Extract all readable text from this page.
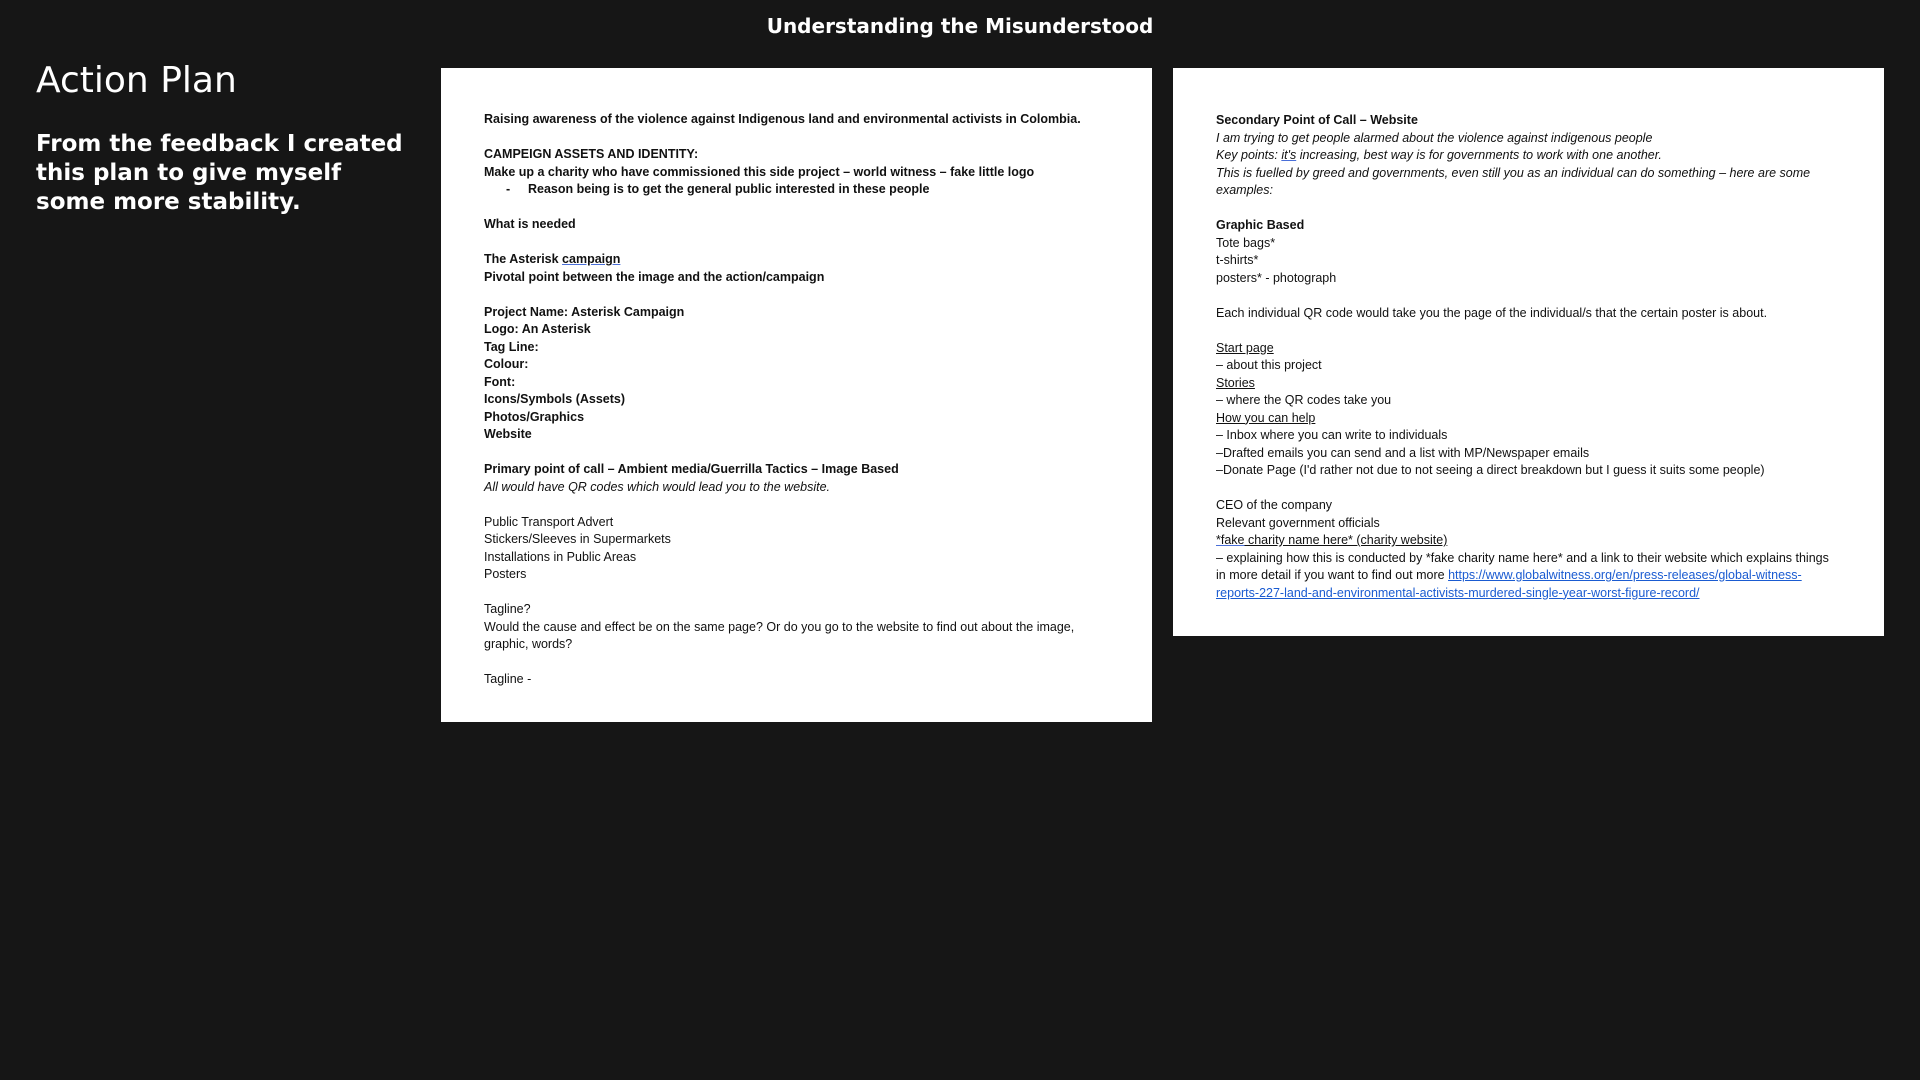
Understanding the Misunderstood
Action Plan

From the feedback I created this plan to give myself some more stability.

Raising awareness of the violence against Indigenous land and environmental activists in Colombia.
CAMPEIGN ASSETS AND IDENTITY:
Make up a charity who have commissioned this side project – world witness – fake little logo
- Reason being is to get the general public interested in these people
What is needed
The Asterisk campaign
Pivotal point between the image and the action/campaign
Project Name: Asterisk Campaign
Logo: An Asterisk
Tag Line:
Colour:
Font:
Icons/Symbols (Assets)
Photos/Graphics
Website
Primary point of call – Ambient media/Guerrilla Tactics – Image Based
All would have QR codes which would lead you to the website.
Public Transport Advert
Stickers/Sleeves in Supermarkets
Installations in Public Areas
Posters
Tagline?
Would the cause and effect be on the same page? Or do you go to the website to find out about the image, graphic, words?
Tagline -
Secondary Point of Call – Website
I am trying to get people alarmed about the violence against indigenous people
Key points: it's increasing, best way is for governments to work with one another.
This is fuelled by greed and governments, even still you as an individual can do something – here are some examples:
Graphic Based
Tote bags*
t-shirts*
posters* - photograph
Each individual QR code would take you the page of the individual/s that the certain poster is about.
Start page
– about this project
Stories
– where the QR codes take you
How you can help
– Inbox where you can write to individuals
–Drafted emails you can send and a list with MP/Newspaper emails
–Donate Page (I'd rather not due to not seeing a direct breakdown but I guess it suits some people)
CEO of the company
Relevant government officials
*fake charity name here* (charity website)
– explaining how this is conducted by *fake charity name here* and a link to their website which explains things in more detail if you want to find out more https://www.globalwitness.org/en/press-releases/global-witness-reports-227-land-and-environmental-activists-murdered-single-year-worst-figure-record/
